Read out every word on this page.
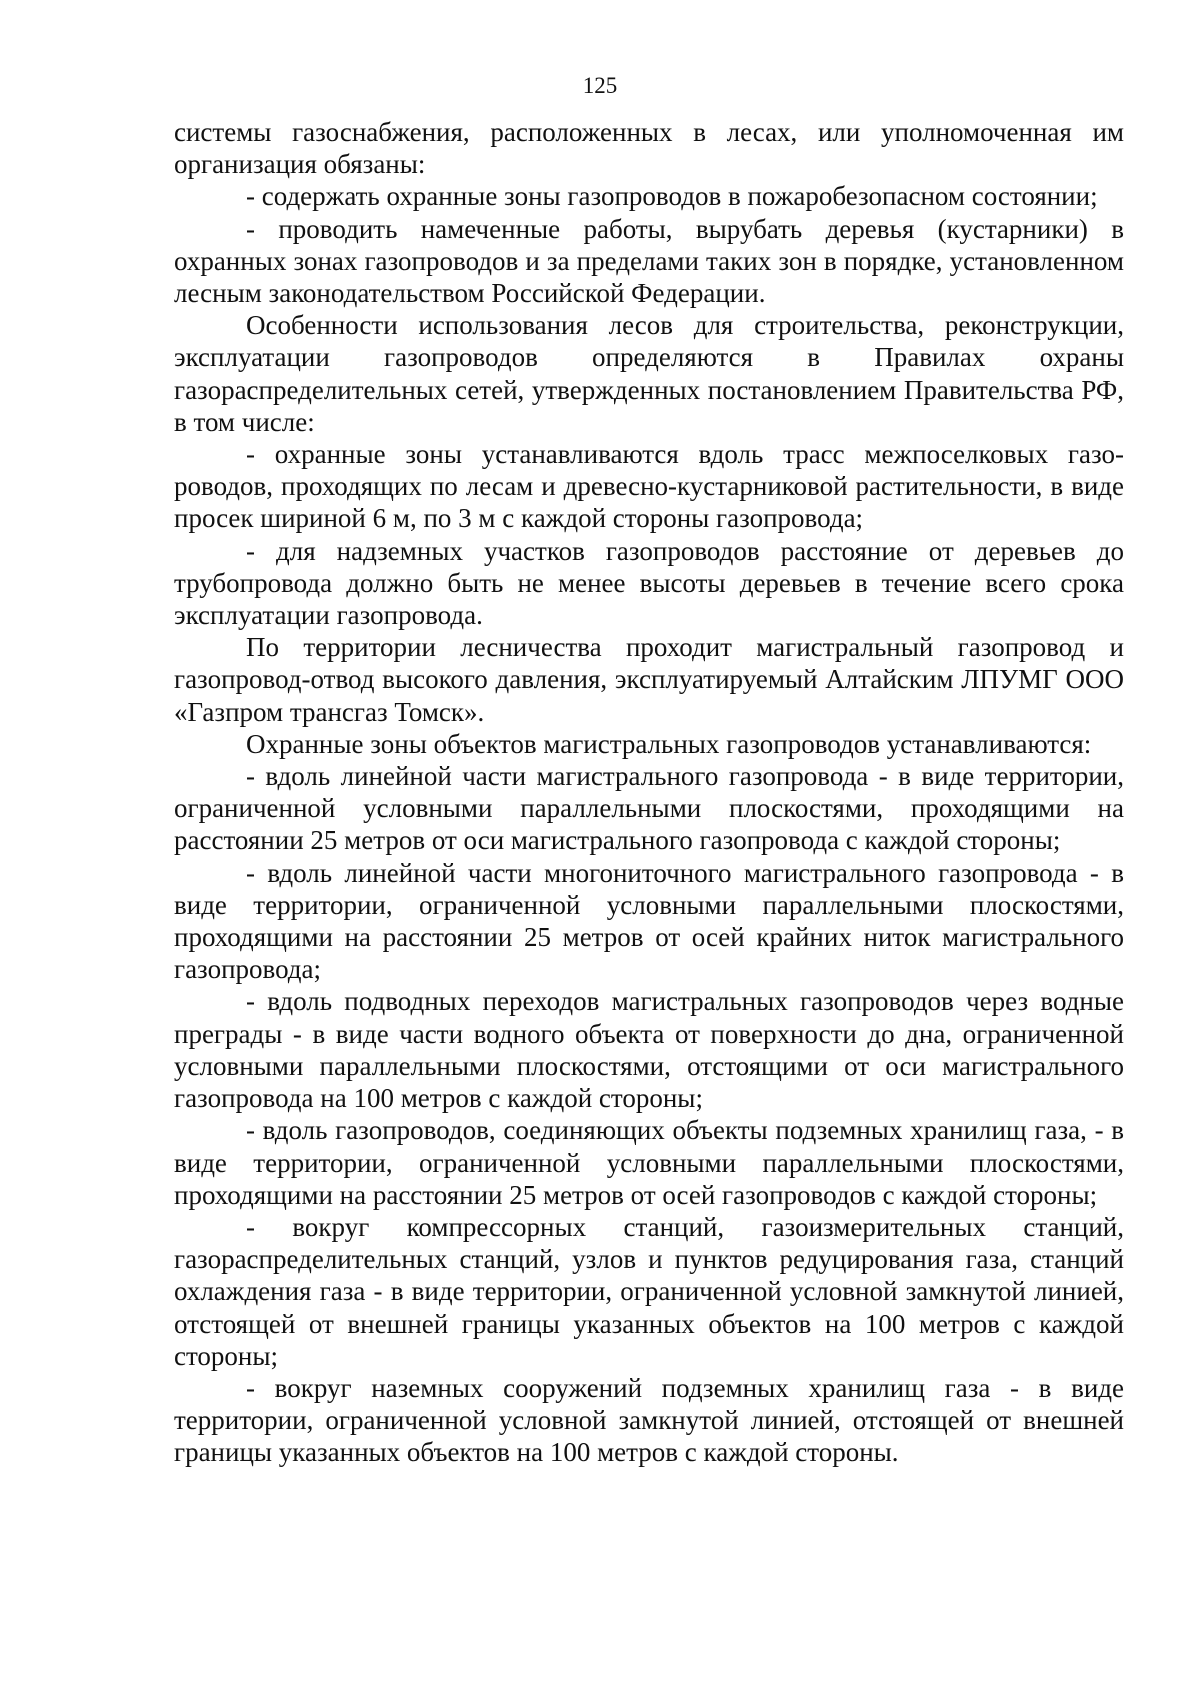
125

системы газоснабжения, расположенных в лесах, или уполномоченная им организация обязаны:

- содержать охранные зоны газопроводов в пожаробезопасном состоянии;

- проводить намеченные работы, вырубать деревья (кустарники) в охранных зонах газопроводов и за пределами таких зон в порядке, установленном лесным законодательством Российской Федерации.

Особенности использования лесов для строительства, реконструкции, эксплуатации газопроводов определяются в Правилах охраны газораспределительных сетей, утвержденных постановлением Правительства РФ, в том числе:

- охранные зоны устанавливаются вдоль трасс межпоселковых газо-роводов, проходящих по лесам и древесно-кустарниковой растительности, в виде просек шириной 6 м, по 3 м с каждой стороны газопровода;

- для надземных участков газопроводов расстояние от деревьев до трубопровода должно быть не менее высоты деревьев в течение всего срока эксплуатации газопровода.

По территории лесничества проходит магистральный газопровод и газопровод-отвод высокого давления, эксплуатируемый Алтайским ЛПУМГ ООО «Газпром трансгаз Томск».

Охранные зоны объектов магистральных газопроводов устанавливаются:

- вдоль линейной части магистрального газопровода - в виде территории, ограниченной условными параллельными плоскостями, проходящими на расстоянии 25 метров от оси магистрального газопровода с каждой стороны;

- вдоль линейной части многониточного магистрального газопровода - в виде территории, ограниченной условными параллельными плоскостями, проходящими на расстоянии 25 метров от осей крайних ниток магистрального газопровода;

- вдоль подводных переходов магистральных газопроводов через водные преграды - в виде части водного объекта от поверхности до дна, ограниченной условными параллельными плоскостями, отстоящими от оси магистрального газопровода на 100 метров с каждой стороны;

- вдоль газопроводов, соединяющих объекты подземных хранилищ газа, - в виде территории, ограниченной условными параллельными плоскостями, проходящими на расстоянии 25 метров от осей газопроводов с каждой стороны;

- вокруг компрессорных станций, газоизмерительных станций, газораспределительных станций, узлов и пунктов редуцирования газа, станций охлаждения газа - в виде территории, ограниченной условной замкнутой линией, отстоящей от внешней границы указанных объектов на 100 метров с каждой стороны;

- вокруг наземных сооружений подземных хранилищ газа - в виде территории, ограниченной условной замкнутой линией, отстоящей от внешней границы указанных объектов на 100 метров с каждой стороны.
